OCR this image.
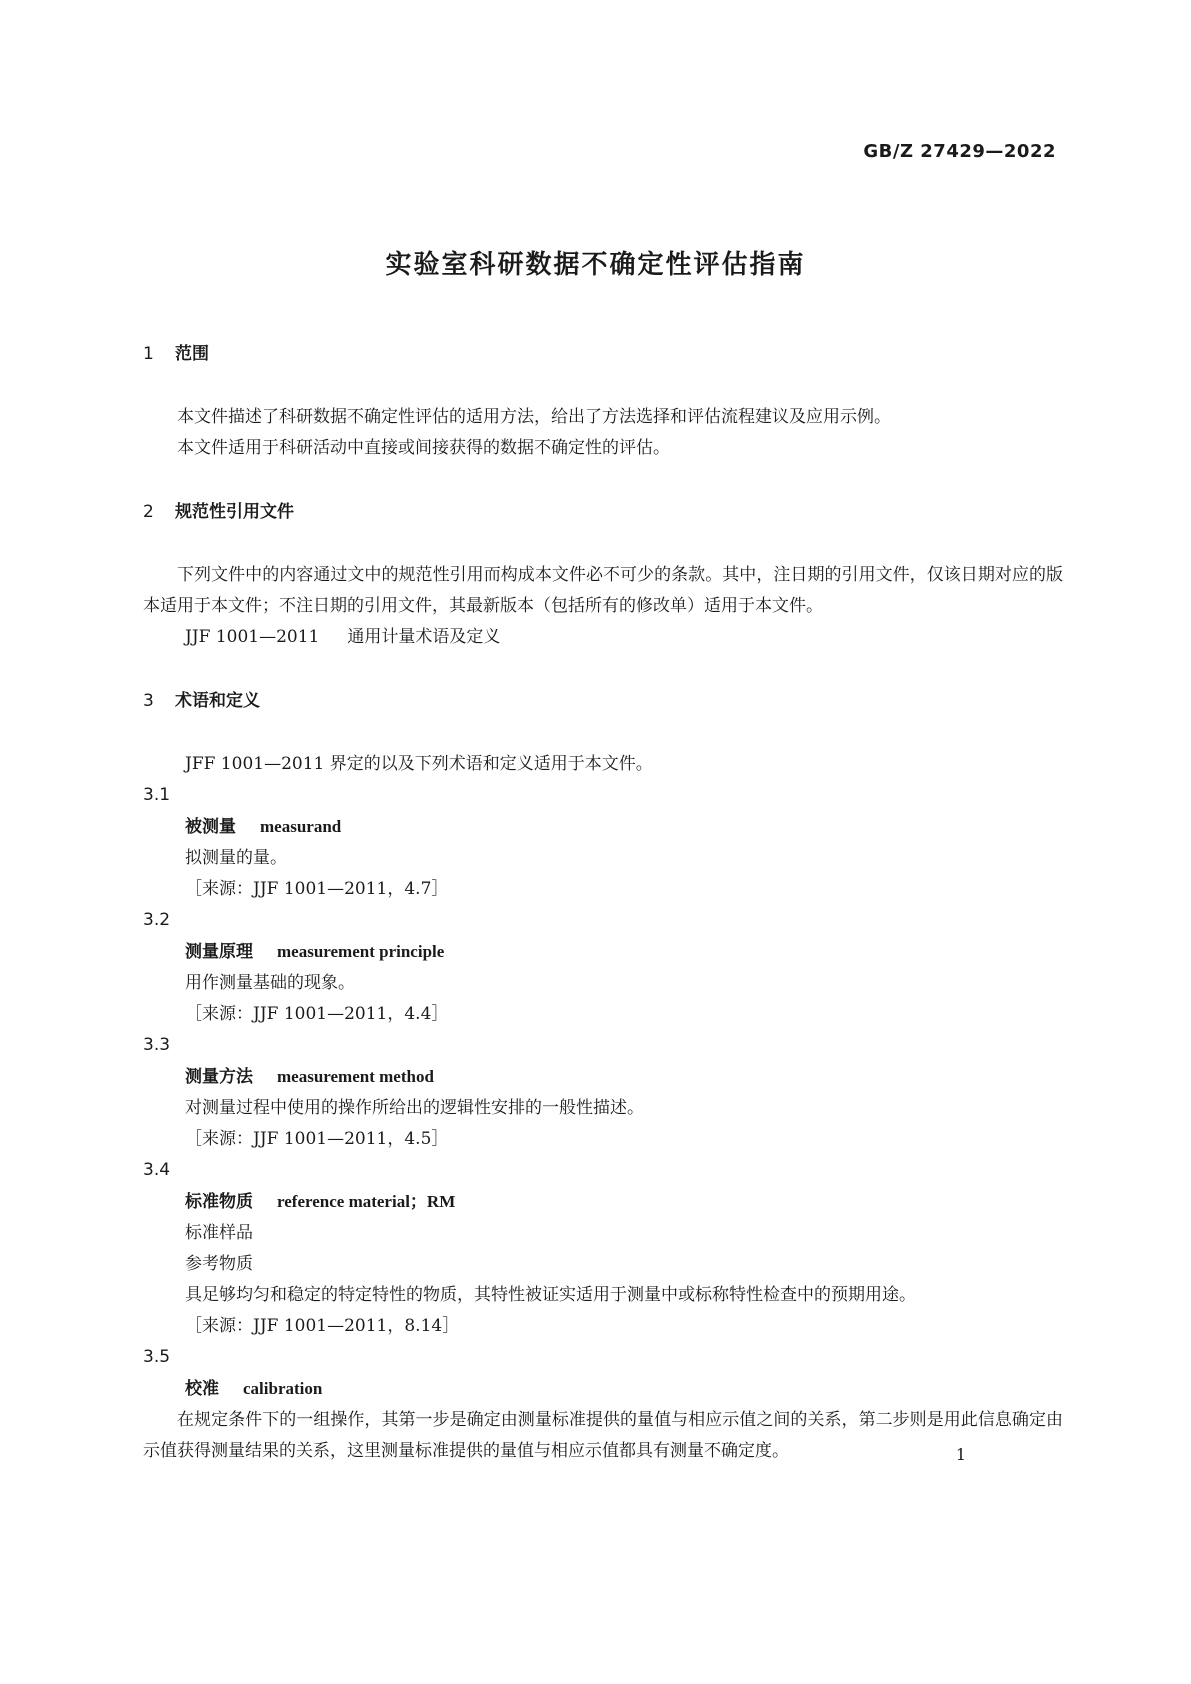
GB/Z 27429—2022
实验室科研数据不确定性评估指南
1 范围

本文件描述了科研数据不确定性评估的适用方法，给出了方法选择和评估流程建议及应用示例。

本文件适用于科研活动中直接或间接获得的数据不确定性的评估。

2 规范性引用文件

下列文件中的内容通过文中的规范性引用而构成本文件必不可少的条款。其中，注日期的引用文件，仅该日期对应的版本适用于本文件；不注日期的引用文件，其最新版本（包括所有的修改单）适用于本文件。

JJF 1001—2011 通用计量术语及定义
3 术语和定义
JFF 1001—2011 界定的以及下列术语和定义适用于本文件。
3.1
被测量 measurand
拟测量的量。
［来源：JJF 1001—2011，4.7］
3.2
测量原理 measurement principle
用作测量基础的现象。
［来源：JJF 1001—2011，4.4］
3.3
测量方法 measurement method
对测量过程中使用的操作所给出的逻辑性安排的一般性描述。
［来源：JJF 1001—2011，4.5］
3.4
标准物质 reference material；RM
标准样品
参考物质
具足够均匀和稳定的特定特性的物质，其特性被证实适用于测量中或标称特性检查中的预期用途。
［来源：JJF 1001—2011，8.14］
3.5
校准 calibration

在规定条件下的一组操作，其第一步是确定由测量标准提供的量值与相应示值之间的关系，第二步则是用此信息确定由示值获得测量结果的关系，这里测量标准提供的量值与相应示值都具有测量不确定度。	1
